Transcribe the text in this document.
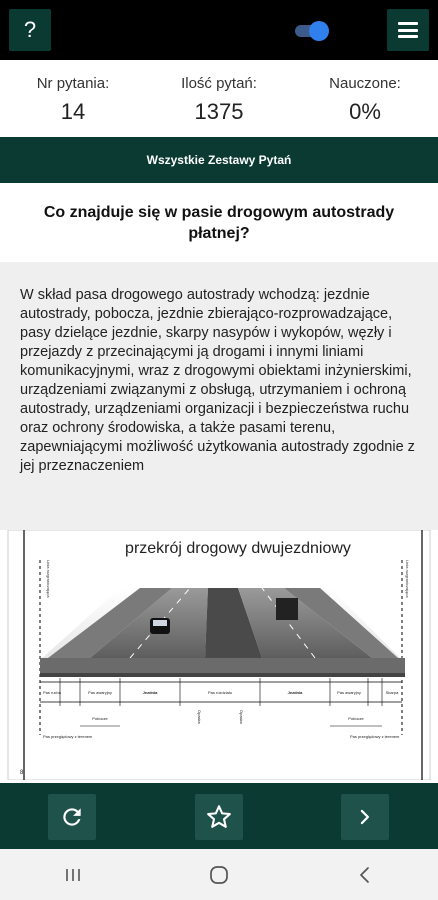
?
Nr pytania:
14
Ilość pytań:
1375
Nauczone:
0%
Wszystkie Zestawy Pytań
Co znajduje się w pasie drogowym autostrady płatnej?
W skład pasa drogowego autostrady wchodzą: jezdnie autostrady, pobocza, jezdnie zbierająco-rozprowadzające, pasy dzielące jezdnie, skarpy nasypów i wykopów, węzły i przejazdy z przecinającymi ją drogami i innymi liniami komunikacyjnymi, wraz z drogowymi obiektami inżynierskimi, urządzeniami związanymi z obsługą, utrzymaniem i ochroną autostrady, urządzeniami organizacji i bezpieczeństwa ruchu oraz ochrony środowiska, a także pasami terenu, zapewniającymi możliwość użytkowania autostrady zgodnie z jej przeznaczeniem
przekrój drogowy dwujezdniowy
Linia rozgraniczająca	Linia rozgraniczająca
Pas ruchu	Pas awaryjny	Jezdnia	Pas rozdziału	Jezdnia	Pas awaryjny	Skarpa
Pobocze	Pobocze
Opaska	Opaska
Pas przeględowy z terenem	Pas przeględowy z terenem
8
